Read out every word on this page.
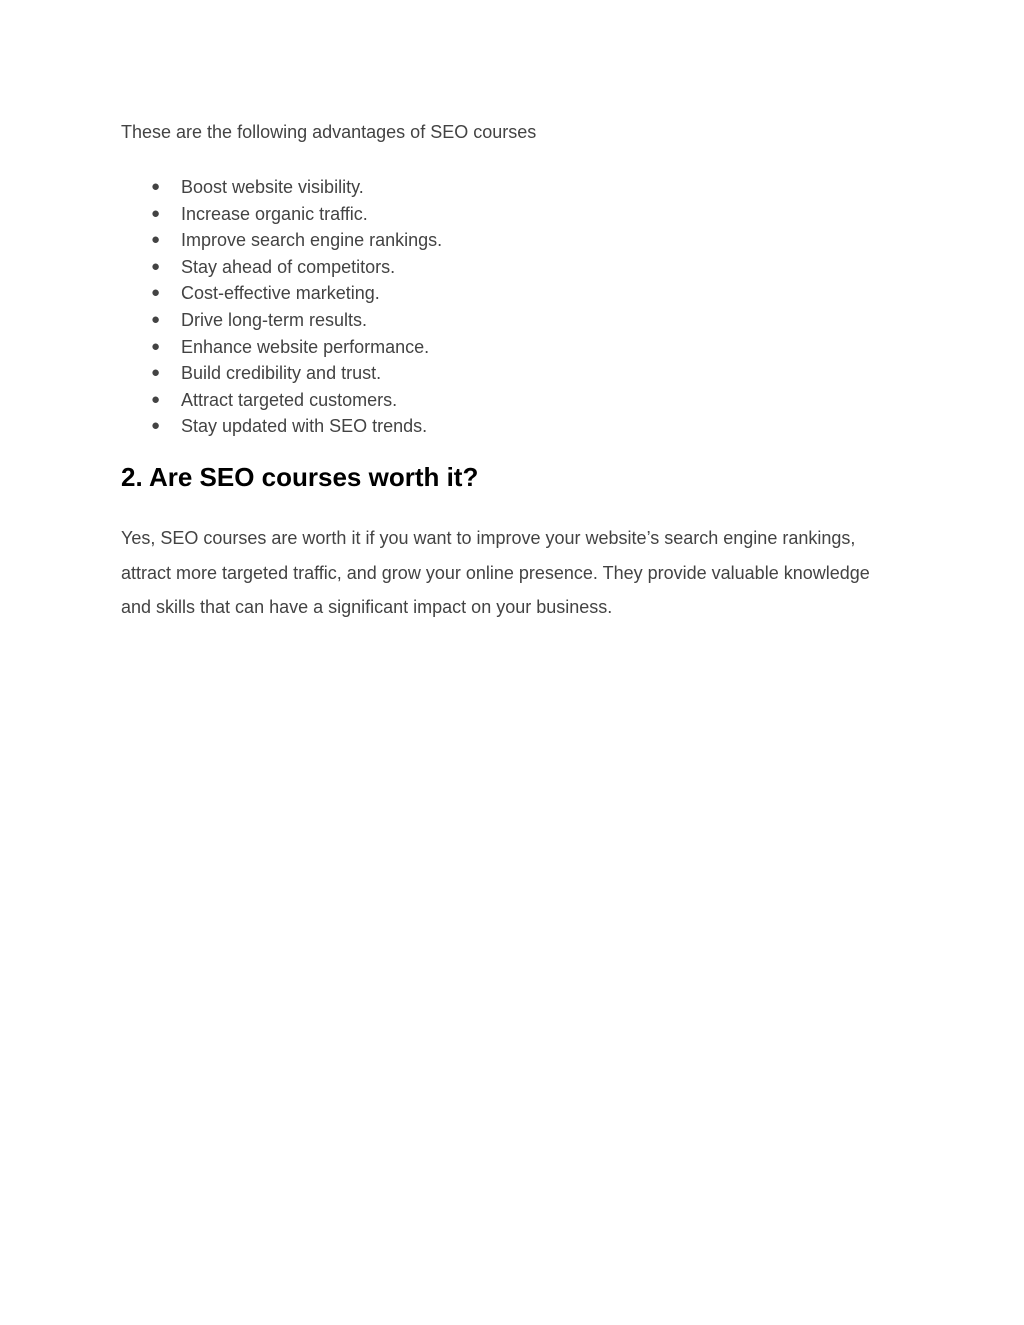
These are the following advantages of SEO courses

● Boost website visibility.
● Increase organic traffic.
● Improve search engine rankings.
● Stay ahead of competitors.
● Cost-effective marketing.
● Drive long-term results.
● Enhance website performance.
● Build credibility and trust.
● Attract targeted customers.
● Stay updated with SEO trends.
2. Are SEO courses worth it?

Yes, SEO courses are worth it if you want to improve your website’s search engine rankings, attract more targeted traffic, and grow your online presence. They provide valuable knowledge and skills that can have a significant impact on your business.
